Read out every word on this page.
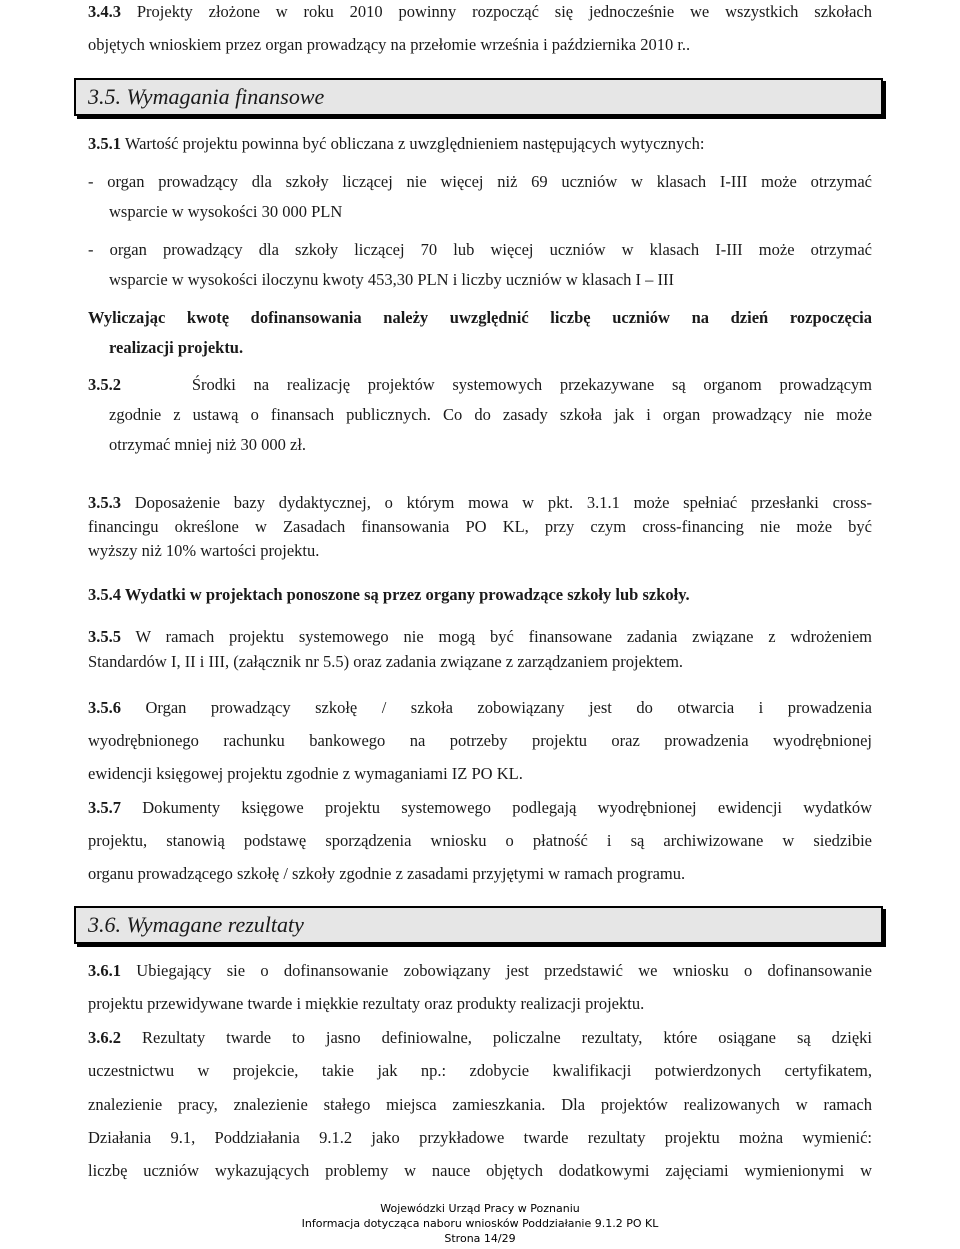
3.4.3 Projekty złożone w roku 2010 powinny rozpocząć się jednocześnie we wszystkich szkołach

objętych wnioskiem przez organ prowadzący na przełomie września i października 2010 r..

3.5. Wymagania finansowe

3.5.1 Wartość projektu powinna być obliczana z uwzględnieniem następujących wytycznych:

- organ prowadzący dla szkoły liczącej nie więcej niż 69 uczniów w klasach I-III może otrzymać

wsparcie w wysokości 30 000 PLN

- organ prowadzący dla szkoły liczącej 70 lub więcej uczniów w klasach I-III może otrzymać

wsparcie w wysokości iloczynu kwoty 453,30 PLN i liczby uczniów w klasach I – III

Wyliczając kwotę dofinansowania należy uwzględnić liczbę uczniów na dzień rozpoczęcia

realizacji projektu.

3.5.2	Środki na realizację projektów systemowych przekazywane są organom prowadzącym

zgodnie z ustawą o finansach publicznych. Co do zasady szkoła jak i organ prowadzący nie może

otrzymać mniej niż 30 000 zł.

3.5.3 Doposażenie bazy dydaktycznej, o którym mowa w pkt. 3.1.1 może spełniać przesłanki cross-

financingu określone w Zasadach finansowania PO KL, przy czym cross-financing nie może być

wyższy niż 10% wartości projektu.

3.5.4 Wydatki w projektach ponoszone są przez organy prowadzące szkoły lub szkoły.

3.5.5 W ramach projektu systemowego nie mogą być finansowane zadania związane z wdrożeniem

Standardów I, II i III, (załącznik nr 5.5) oraz zadania związane z zarządzaniem projektem.

3.5.6 Organ prowadzący szkołę / szkoła zobowiązany jest do otwarcia i prowadzenia

wyodrębnionego rachunku bankowego na potrzeby projektu oraz prowadzenia wyodrębnionej

ewidencji księgowej projektu zgodnie z wymaganiami IZ PO KL.

3.5.7 Dokumenty księgowe projektu systemowego podlegają wyodrębnionej ewidencji wydatków

projektu, stanowią podstawę sporządzenia wniosku o płatność i są archiwizowane w siedzibie

organu prowadzącego szkołę / szkoły zgodnie z zasadami przyjętymi w ramach programu.

3.6. Wymagane rezultaty

3.6.1 Ubiegający sie o dofinansowanie zobowiązany jest przedstawić we wniosku o dofinansowanie

projektu przewidywane twarde i miękkie rezultaty oraz produkty realizacji projektu.

3.6.2 Rezultaty twarde to jasno definiowalne, policzalne rezultaty, które osiągane są dzięki

uczestnictwu w projekcie, takie jak np.: zdobycie kwalifikacji potwierdzonych certyfikatem,

znalezienie pracy, znalezienie stałego miejsca zamieszkania. Dla projektów realizowanych w ramach

Działania 9.1, Poddziałania 9.1.2 jako przykładowe twarde rezultaty projektu można wymienić:

liczbę uczniów wykazujących problemy w nauce objętych dodatkowymi zajęciami wymienionymi w

Wojewódzki Urząd Pracy w Poznaniu
Informacja dotycząca naboru wniosków Poddziałanie 9.1.2 PO KL
Strona 14/29
